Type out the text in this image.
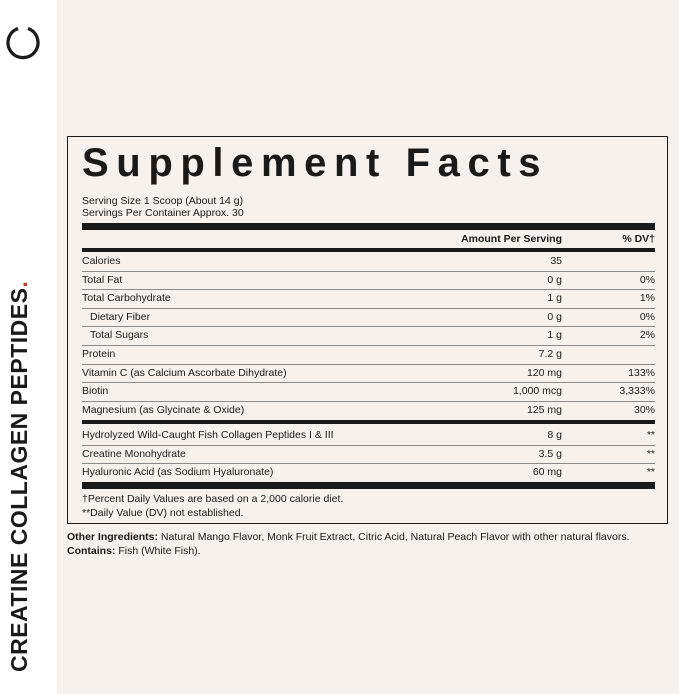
CREATINE COLLAGEN PEPTIDES.
Supplement Facts
Serving Size 1 Scoop (About 14 g)
Servings Per Container Approx. 30
Amount Per Serving	% DV†
Calories	35
Total Fat	0 g	0%
Total Carbohydrate	1 g	1%
Dietary Fiber	0 g	0%
Total Sugars	1 g	2%
Protein	7.2 g
Vitamin C (as Calcium Ascorbate Dihydrate)	120 mg	133%
Biotin	1,000 mcg	3,333%
Magnesium (as Glycinate & Oxide)	125 mg	30%
Hydrolyzed Wild-Caught Fish Collagen Peptides I & III	8 g	**
Creatine Monohydrate	3.5 g	**
Hyaluronic Acid (as Sodium Hyaluronate)	60 mg	**
†Percent Daily Values are based on a 2,000 calorie diet.
**Daily Value (DV) not established.
Other Ingredients: Natural Mango Flavor, Monk Fruit Extract, Citric Acid, Natural Peach Flavor with other natural flavors.
Contains: Fish (White Fish).
